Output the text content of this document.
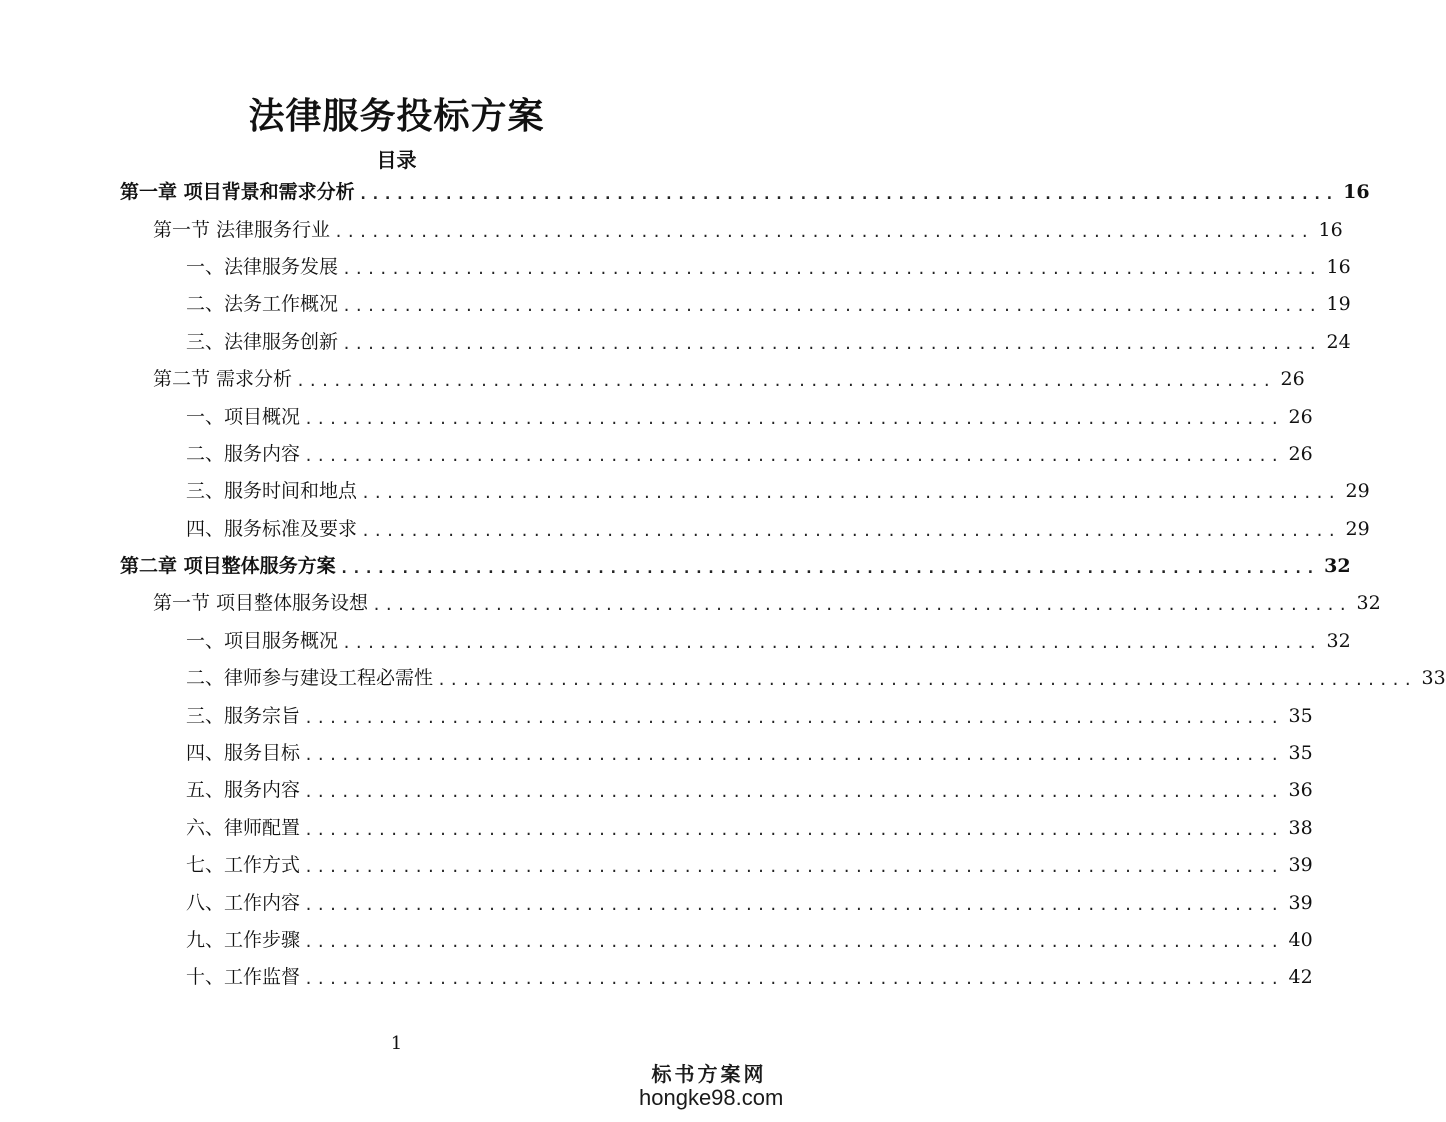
法律服务投标方案
目录
第一章 项目背景和需求分析 ................................................................................ 16
第一节 法律服务行业 ................................................................................ 16
一、法律服务发展 ................................................................................ 16
二、法务工作概况 ................................................................................ 19
三、法律服务创新 ................................................................................ 24
第二节 需求分析 ................................................................................ 26
一、项目概况 ................................................................................ 26
二、服务内容 ................................................................................ 26
三、服务时间和地点 ................................................................................ 29
四、服务标准及要求 ................................................................................ 29
第二章 项目整体服务方案 ................................................................................ 32
第一节 项目整体服务设想 ................................................................................ 32
一、项目服务概况 ................................................................................ 32
二、律师参与建设工程必需性 ................................................................................ 33
三、服务宗旨 ................................................................................ 35
四、服务目标 ................................................................................ 35
五、服务内容 ................................................................................ 36
六、律师配置 ................................................................................ 38
七、工作方式 ................................................................................ 39
八、工作内容 ................................................................................ 39
九、工作步骤 ................................................................................ 40
十、工作监督 ................................................................................ 42
1
标书方案网
hongke98.com
